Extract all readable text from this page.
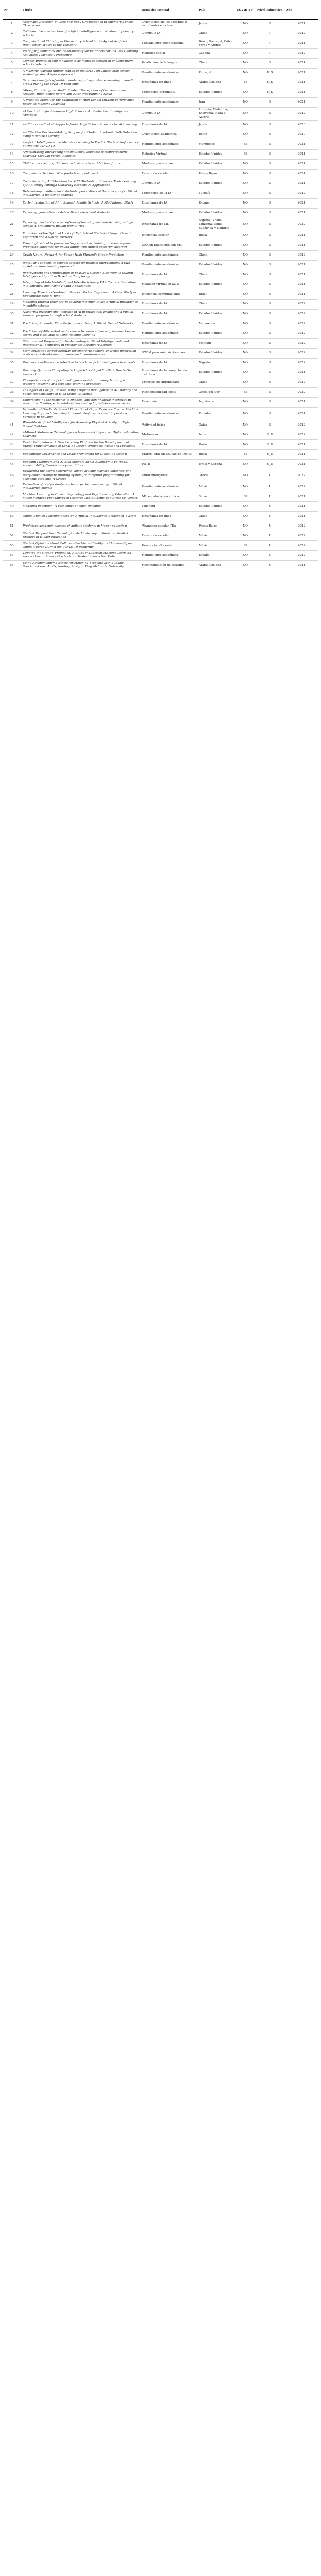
Nº	Título	Temática central	País	COVID 19	Nivel Educativo	Año
1	Automatic Detection of Gaze and Body Orientation in Elementary School Classrooms	Orientación de los docentes o estudiantes en clase	Japón	NO	P	2021
2	Collaborative construction of artificial intelligence curriculum in primary schools	Currículo IA	China	NO	P	2022
3	Computational Thinking in Elementary School in the Age of Artificial Intelligence: Where is the Teacher?	Pensamiento computacional	Brasil, Portugal, Cabo Verde y Angola	NO	P	2021
4	Identifying Functions and Behaviours of Social Robots for In-Class Learning Activities: Teachers' Perspective	Robótica social	Canadá	NO	P	2022
5	Chinese prediction and language style model construction of elementary school students	Predicción de la lengua	China	NO	P	2021
6	A machine learning approximation of the 2015 Portuguese high school student grades: A hybrid approach	Rendimiento académico	Portugal	NO	P_S	2021
7	Sentiment analysis of arabic tweets regarding distance learning in saudi arabia during the covid-19 pandemic	Enseñanza en línea	Arabia Saudita	SI	P_S	2021
8	"Alexa, Can I Program You?": Student Perceptions of Conversational Artificial Intelligence Before and After Programming Alexa	Percepción estudiantil	Estados Unidos	NO	P_S	2021
9	A Practical Model for the Evaluation of High School Student Performance Based on Machine Learning	Rendimiento académico	Irán	NO	S	2021
10	AI Curriculum for European High Schools: An Embedded Intelligence Approach	Currículo IA	Lituania, Finlandia, Eslovenia, Italia y Austria	NO	S	2022
11	An Education Tool at Supports Junior High School Students for AI Learning	Enseñanza de IA	Japón	NO	S	2020
12	An Effective Decision-Making Support for Student Academic Path Selection using Machine Learning	Orientación académica	Benin	NO	S	2020
13	Artificial Intelligence and Machine Learning to Predict Student Performance during the COVID-19	Rendimiento académico	Marruecos	SI	S	2021
14	Affectionately, Introducing Middle School Students to Reinforcement Learning Through Virtual Robotics	Robótica Virtual	Estados Unidos	SI	S	2021
15	Children as creators, thinkers and citizens in an AI-driven future	Modelos generativos	Estados Unidos	NO	S	2021
16	Computer or teacher: Who predicts dropout best?	Deserción escolar	Países Bajos	NO	S	2021
17	Contextualizing AI Education for K-12 Students to Enhance Their Learning of AI Literacy Through Culturally Responsive Approaches	Currículo IA	Estados Unidos	NO	S	2021
18	Determining middle school students' perceptions of the concept of artificial intelligence: a metaphor analysis	Percepción de la IA	Turquía	NO	S	2022
19	Early Introduction of AI in Spanish Middle Schools. A Motivational Study	Enseñanza de IA	España	NO	S	2021
20	Exploring generative models with middle school students	Modelos generativos	Estados Unidos	NO	S	2021
21	Exploring teachers' preconceptions of teaching machine learning in high school: A preliminary insight from Africa	Enseñanza de ML	Nigeria, Ghana, Tanzania, Kenia, Sudáfrica y Namibia	NO	S	2022
22	Formation of the Optimal Load of High School Students Using a Genetic Algorithm and a Neural Network	Eficiencia escolar	Rusia	NO	S	2021
23	From high school to postsecondary education, training, and employment: Predicting outcomes for young adults with autism spectrum disorder	TEA en Educación con ML	Estados Unidos	NO	S	2021
24	Graph Neural Network for Senior High Student's Grade Prediction	Rendimiento académico	China	NO	S	2022
25	Identifying supportive student factors for mindset interventions: A two-model machine learning approach	Rendimiento académico	Estados Unidos	NO	S	2021
26	Improvement and Optimization of Feature Selection Algorithm in Swarm Intelligence Algorithm Based on Complexity	Enseñanza de IA	China	NO	S	2021
27	Integrating AI Into Mobile-Based Interdisciplinary K-12 Content Education in Biomedical and Public Health Applications	Realidad Virtual en aula	Estados Unidos	NO	S	2021
28	Learning Time Acceleration in Support Vector Regression: A Case Study in Educational Data Mining	Eficiencia computacional	Brasil	NO	S	2021
29	Modeling English teachers' behavioral intention to use artificial intelligence in middle schools	Enseñanza de IA	China	NO	S	2022
30	Nurturing diversity and inclusion in AI in Education: Evaluating a virtual summer program for high school students	Enseñanza de IA	Estados Unidos	NO	S	2022
31	Predicting Students' Final Performance Using Artificial Neural Networks	Rendimiento académico	Marruecos	NO	S	2022
32	Prediction of differential performance between advanced placement exam scores and class grades using machine learning	Rendimiento académico	Estados Unidos	NO	S	2022
33	Situation and Proposals for Implementing Artificial Intelligence-based Instructional Technology in Vietnamese Secondary Schools	Enseñanza de IA	Vietnam	NO	S	2022
34	Stem education-career pathway for emerging demand-analytics innovation professional development in multimodal environments	STEM para análisis forenses	Estados Unidos	NO	S	2022
35	Teachers' readiness and intention to teach artificial intelligence in schools	Enseñanza de IA	Nigeria	NO	S	2022
36	Teaching Quantum Computing to High-School-Aged Youth: A Hands-On Approach	Enseñanza de la computación cuántica	Estados Unidos	NO	S	2021
37	The application of artificial intelligence assistant to deep learning in teachers' teaching and students' learning processes	Procesos de aprendizaje	China	NO	S	2022
38	The Effect of Design Classes Using Artificial Intelligence on AI Literacy and Social Responsibility of High School Students	Responsabilidad social	Corea del Sur	SI	S	2022
39	Understanding the response to financial and non-financial incentives in education: Field-experimental evidence using high-stakes assessments	Economía	Inglaterra	NO	S	2021
40	Urban-Rural Gradients Predict Educational Gaps: Evidence From a Machine Learning Approach Involving Academic Performance and Impervious Surfaces in Ecuador	Rendimiento académico	Ecuador	NO	S	2021
41	Wearable Artificial Intelligence for Assessing Physical Activity in High School Children	Actividad física	Qatar	NO	S	2022
42	AI-Based Metaverse Technologies Advancement Impact on Higher education Learners	Metaverso	India	NO	S_U	2022
43	Erwin Metaplatorm: A New Learning Platform for the Development of Digital Transformation of Legal Education: Problems, Risks and Prospects	Enseñanza de IA	Rusia	NO	S_U	2021
44	Educational Governance and Legal Framework for Digital Education	Marco legal en Educación Digital	Rusia	SI	S_U	2021
45	Educating Software and AI Stakeholders About Algorithmic Fairness, Accountability, Transparency and Ethics	FATE	Israel y España	NO	S_U	2021
46	Evaluating the user's experience, adaptivity and learning outcomes of a fuzzy-based intelligent tutoring system for computer programming for academic students in Greece	Tutor inteligente	Grecia	NO	U	2022
47	Evaluation of postgraduate academic performance using artificial intelligence models	Rendimiento académico	México	NO	U	2022
48	Machine Learning in Clinical Psychology and Psychotherapy Education: A Mixed Methods Pilot Survey of Postgraduate Students at a Swiss University	ML en educación clínica	Suiza	SI	U	2021
49	Modeling deception: A case study of email phishing	Phishing	Estados Unidos	NO	U	2021
50	Online English Teaching Based on Artificial Intelligence Embedded System	Enseñanza en línea	China	NO	U	2021
51	Predicting academic success of autistic students in higher education	Abandono escolar TEA	Países Bajos	NO	U	2022
52	Student Dropout from Tecnológico de Monterrey in México to Predict Dropout in Higher education	Deserción escolar	México	NO	U	2022
53	Student Opinions About Collaborative Virtual Reality and Massive Open Online Course During the COVID-19 Pandemic	Percepción docente	México	SI	U	2022
54	Towards the Grade's Prediction. A Study of Different Machine Learning Approaches to Predict Grades from Student Interaction Data	Rendimiento académico	España	NO	U	2022
55	Using Recommender Systems for Matching Students with Suitable Specializations: An Exploratory Study at King Abdulaziz University	Recomendación de estudios	Arabia Saudita	NO	U	2021
